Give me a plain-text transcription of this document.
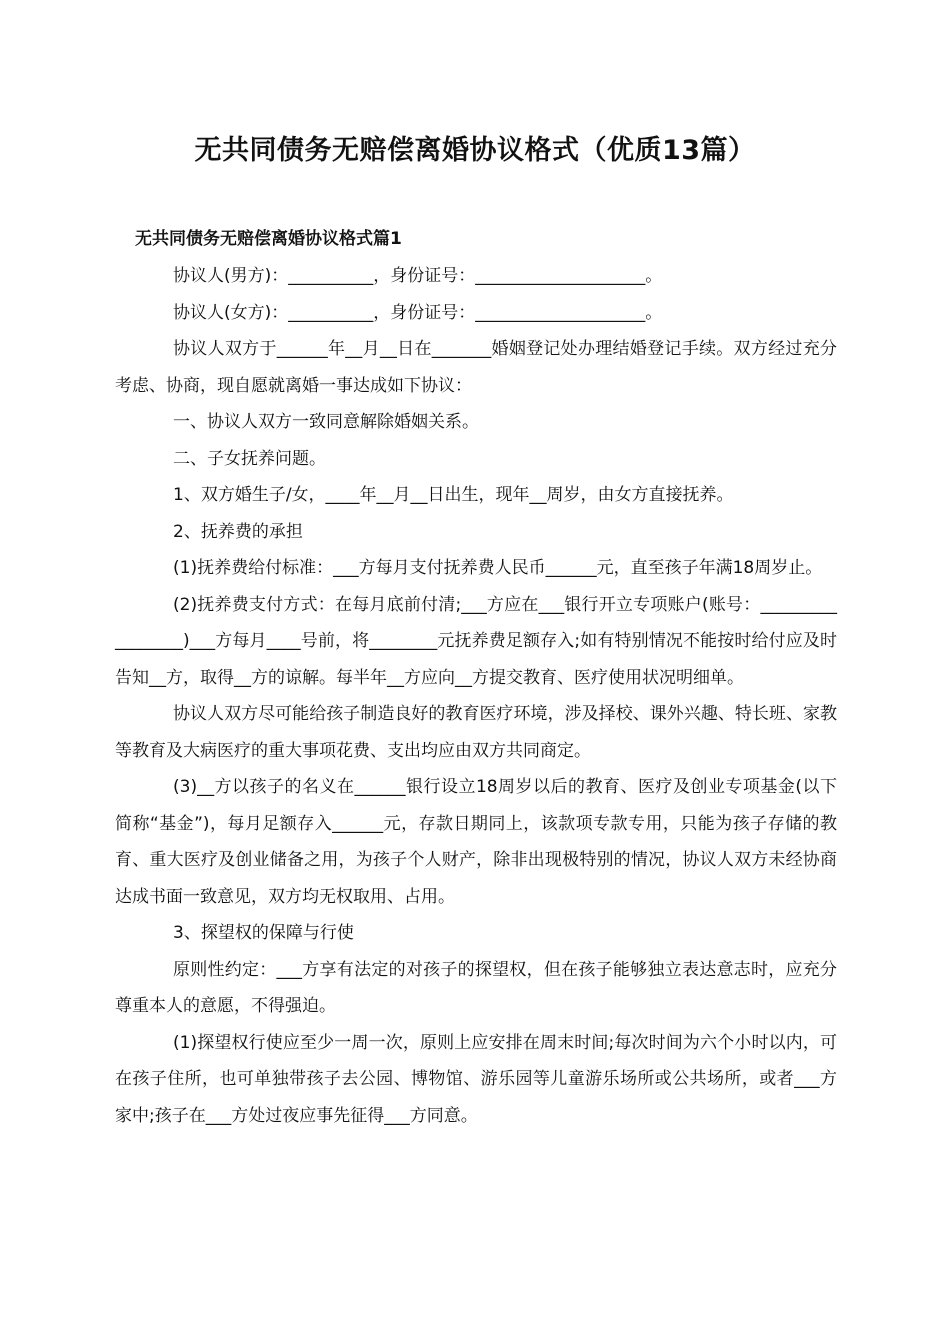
无共同债务无赔偿离婚协议格式（优质13篇）
无共同债务无赔偿离婚协议格式篇1

协议人(男方)：__________，身份证号：____________________。

协议人(女方)：__________，身份证号：____________________。

协议人双方于______年__月__日在_______婚姻登记处办理结婚登记手续。双方经过充分考虑、协商，现自愿就离婚一事达成如下协议：

一、协议人双方一致同意解除婚姻关系。

二、子女抚养问题。

1、双方婚生子/女，____年__月__日出生，现年__周岁，由女方直接抚养。

2、抚养费的承担

(1)抚养费给付标准：___方每月支付抚养费人民币______元，直至孩子年满18周岁止。

(2)抚养费支付方式：在每月底前付清;___方应在___银行开立专项账户(账号：_________________)___方每月____号前，将________元抚养费足额存入;如有特别情况不能按时给付应及时告知__方，取得__方的谅解。每半年__方应向__方提交教育、医疗使用状况明细单。

协议人双方尽可能给孩子制造良好的教育医疗环境，涉及择校、课外兴趣、特长班、家教等教育及大病医疗的重大事项花费、支出均应由双方共同商定。

(3)__方以孩子的名义在______银行设立18周岁以后的教育、医疗及创业专项基金(以下简称“基金”)，每月足额存入______元，存款日期同上，该款项专款专用，只能为孩子存储的教育、重大医疗及创业储备之用，为孩子个人财产，除非出现极特别的情况，协议人双方未经协商达成书面一致意见，双方均无权取用、占用。

3、探望权的保障与行使

原则性约定：___方享有法定的对孩子的探望权，但在孩子能够独立表达意志时，应充分尊重本人的意愿，不得强迫。

(1)探望权行使应至少一周一次，原则上应安排在周末时间;每次时间为六个小时以内，可在孩子住所，也可单独带孩子去公园、博物馆、游乐园等儿童游乐场所或公共场所，或者___方家中;孩子在___方处过夜应事先征得___方同意。
